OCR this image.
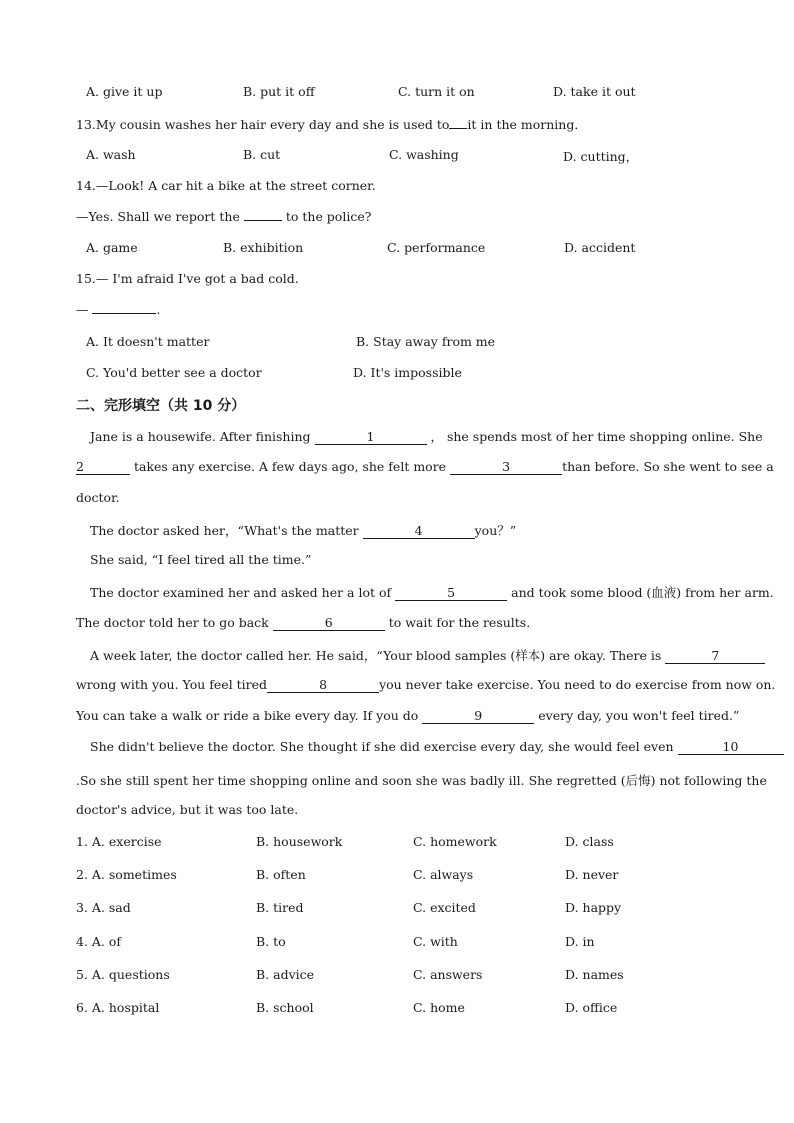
A. give it up	B. put it off	C. turn it on	D. take it out
13.My cousin washes her hair every day and she is used to it in the morning．
A. wash	B. cut	C. washing	D. cutting，
14.—Look! A car hit a bike at the street corner.
—Yes. Shall we report the	to the police?
A. game	B. exhibition	C. performance	D. accident
15.— I'm afraid I've got a bad cold.
—	.
A. It doesn't matter	B. Stay away from me
C. You'd better see a doctor	D. It's impossible
二、完形填空（共 10 分）
Jane is a housewife. After finishing	1	， she spends most of her time shopping online. She
2	takes any exercise. A few days ago, she felt more	3	than before. So she went to see a
doctor.
The doctor asked her，“What's the matter	4	you？”
She said, “I feel tired all the time.”
The doctor examined her and asked her a lot of	5	and took some blood (血液) from her arm.
The doctor told her to go back	6	to wait for the results.
A week later, the doctor called her. He said，“Your blood samples (样本) are okay. There is	7
wrong with you. You feel tired	8	you never take exercise. You need to do exercise from now on.
You can take a walk or ride a bike every day. If you do	9	every day, you won't feel tired.”
She didn't believe the doctor. She thought if she did exercise every day, she would feel even	10
.So she still spent her time shopping online and soon she was badly ill. She regretted (后悔) not following the
doctor's advice, but it was too late.
1. A. exercise	B. housework	C. homework	D. class
2. A. sometimes	B. often	C. always	D. never
3. A. sad	B. tired	C. excited	D. happy
4. A. of	B. to	C. with	D. in
5. A. questions	B. advice	C. answers	D. names
6. A. hospital	B. school	C. home	D. office
